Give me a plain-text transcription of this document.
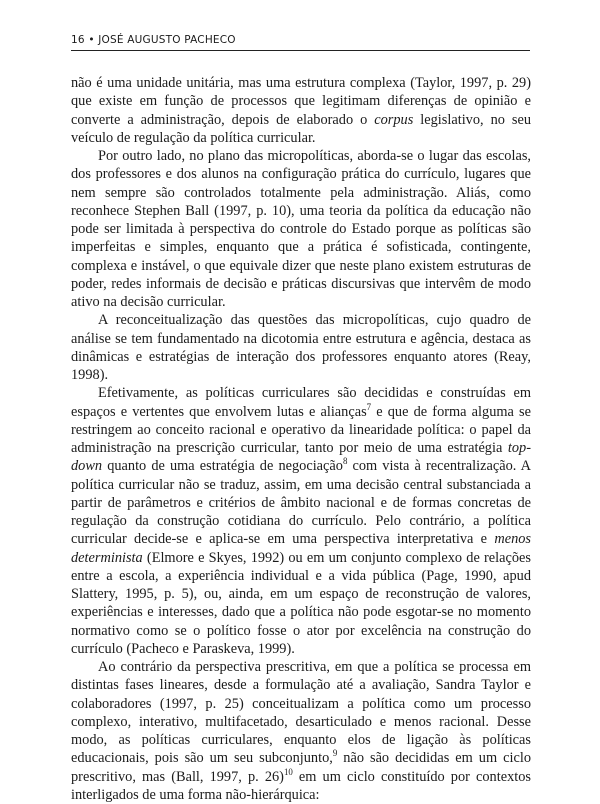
16 • JOSÉ AUGUSTO PACHECO

não é uma unidade unitária, mas uma estrutura complexa (Taylor, 1997, p. 29) que existe em função de processos que legitimam diferenças de opinião e converte a administração, depois de elaborado o corpus legislativo, no seu veículo de regulação da política curricular.

Por outro lado, no plano das micropolíticas, aborda-se o lugar das escolas, dos professores e dos alunos na configuração prática do currículo, lugares que nem sempre são controlados totalmente pela administração. Aliás, como reconhece Stephen Ball (1997, p. 10), uma teoria da política da educação não pode ser limitada à perspectiva do controle do Estado porque as políticas são imperfeitas e simples, enquanto que a prática é sofisticada, contingente, complexa e instável, o que equivale dizer que neste plano existem estruturas de poder, redes informais de decisão e práticas discursivas que intervêm de modo ativo na decisão curricular.

A reconceitualização das questões das micropolíticas, cujo quadro de análise se tem fundamentado na dicotomia entre estrutura e agência, destaca as dinâmicas e estratégias de interação dos professores enquanto atores (Reay, 1998).

Efetivamente, as políticas curriculares são decididas e construídas em espaços e vertentes que envolvem lutas e alianças$^7$ e que de forma alguma se restringem ao conceito racional e operativo da linearidade política: o papel da administração na prescrição curricular, tanto por meio de uma estratégia top-down quanto de uma estratégia de negociação$^8$ com vista à recentralização. A política curricular não se traduz, assim, em uma decisão central substanciada a partir de parâmetros e critérios de âmbito nacional e de formas concretas de regulação da construção cotidiana do currículo. Pelo contrário, a política curricular decide-se e aplica-se em uma perspectiva interpretativa e menos determinista (Elmore e Skyes, 1992) ou em um conjunto complexo de relações entre a escola, a experiência individual e a vida pública (Page, 1990, apud Slattery, 1995, p. 5), ou, ainda, em um espaço de reconstrução de valores, experiências e interesses, dado que a política não pode esgotar-se no momento normativo como se o político fosse o ator por excelência na construção do currículo (Pacheco e Paraskeva, 1999).

Ao contrário da perspectiva prescritiva, em que a política se processa em distintas fases lineares, desde a formulação até a avaliação, Sandra Taylor e colaboradores (1997, p. 25) conceitualizam a política como um processo complexo, interativo, multifacetado, desarticulado e menos racional. Desse modo, as políticas curriculares, enquanto elos de ligação às políticas educacionais, pois são um seu subconjunto,$^9$ não são decididas em um ciclo prescritivo, mas (Ball, 1997, p. 26)$^{10}$ em um ciclo constituído por contextos interligados de uma forma não-hierárquica:
